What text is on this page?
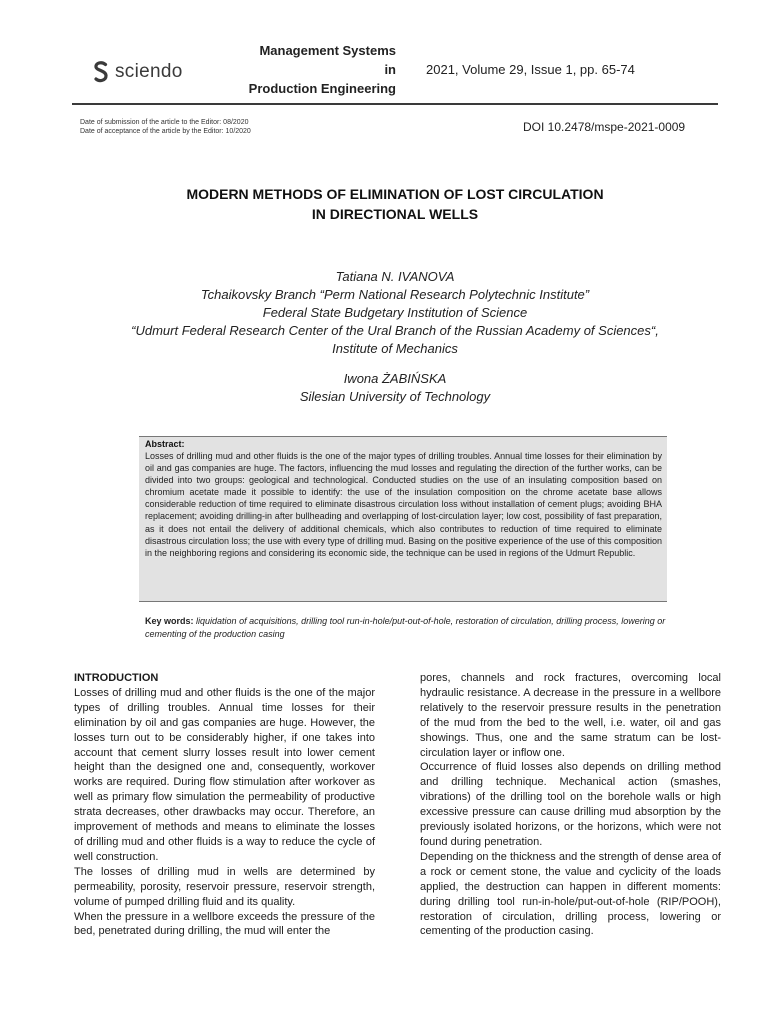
sciendo
Management Systems
in
Production Engineering
2021, Volume 29, Issue 1, pp. 65-74
Date of submission of the article to the Editor: 08/2020
Date of acceptance of the article by the Editor: 10/2020	DOI 10.2478/mspe-2021-0009
MODERN METHODS OF ELIMINATION OF LOST CIRCULATION
IN DIRECTIONAL WELLS
Tatiana N. IVANOVA
Tchaikovsky Branch “Perm National Research Polytechnic Institute”
Federal State Budgetary Institution of Science
“Udmurt Federal Research Center of the Ural Branch of the Russian Academy of Sciences“,
Institute of Mechanics
Iwona ŻABIŃSKA
Silesian University of Technology
Abstract:
Losses of drilling mud and other fluids is the one of the major types of drilling troubles. Annual time losses for their elimination by oil and gas companies are huge. The factors, influencing the mud losses and regulating the direction of the further works, can be divided into two groups: geological and technological. Conducted studies on the use of an insulating composition based on chromium acetate made it possible to identify: the use of the insulation composition on the chrome acetate base allows considerable reduction of time required to eliminate disastrous circulation loss without installation of cement plugs; avoiding BHA replacement; avoiding drilling-in after bullheading and overlapping of lost-circulation layer; low cost, possibility of fast preparation, as it does not entail the delivery of additional chemicals, which also contributes to reduction of time required to eliminate disastrous circulation loss; the use with every type of drilling mud. Basing on the positive experience of the use of this composition in the neighboring regions and considering its economic side, the technique can be used in regions of the Udmurt Republic.
Key words: liquidation of acquisitions, drilling tool run-in-hole/put-out-of-hole, restoration of circulation, drilling process, lowering or cementing of the production casing

INTRODUCTION

Losses of drilling mud and other fluids is the one of the major types of drilling troubles. Annual time losses for their elimination by oil and gas companies are huge. However, the losses turn out to be considerably higher, if one takes into account that cement slurry losses result into lower cement height than the designed one and, consequently, workover works are required. During flow stimulation after workover as well as primary flow simulation the permeability of productive strata decreases, other drawbacks may occur. Therefore, an improvement of methods and means to eliminate the losses of drilling mud and other fluids is a way to reduce the cycle of well construction.

The losses of drilling mud in wells are determined by permeability, porosity, reservoir pressure, reservoir strength, volume of pumped drilling fluid and its quality.

When the pressure in a wellbore exceeds the pressure of the bed, penetrated during drilling, the mud will enter the

pores, channels and rock fractures, overcoming local hydraulic resistance. A decrease in the pressure in a wellbore relatively to the reservoir pressure results in the penetration of the mud from the bed to the well, i.e. water, oil and gas showings. Thus, one and the same stratum can be lost-circulation layer or inflow one.

Occurrence of fluid losses also depends on drilling method and drilling technique. Mechanical action (smashes, vibrations) of the drilling tool on the borehole walls or high excessive pressure can cause drilling mud absorption by the previously isolated horizons, or the horizons, which were not found during penetration.

Depending on the thickness and the strength of dense area of a rock or cement stone, the value and cyclicity of the loads applied, the destruction can happen in different moments: during drilling tool run-in-hole/put-out-of-hole (RIP/POOH), restoration of circulation, drilling process, lowering or cementing of the production casing.
